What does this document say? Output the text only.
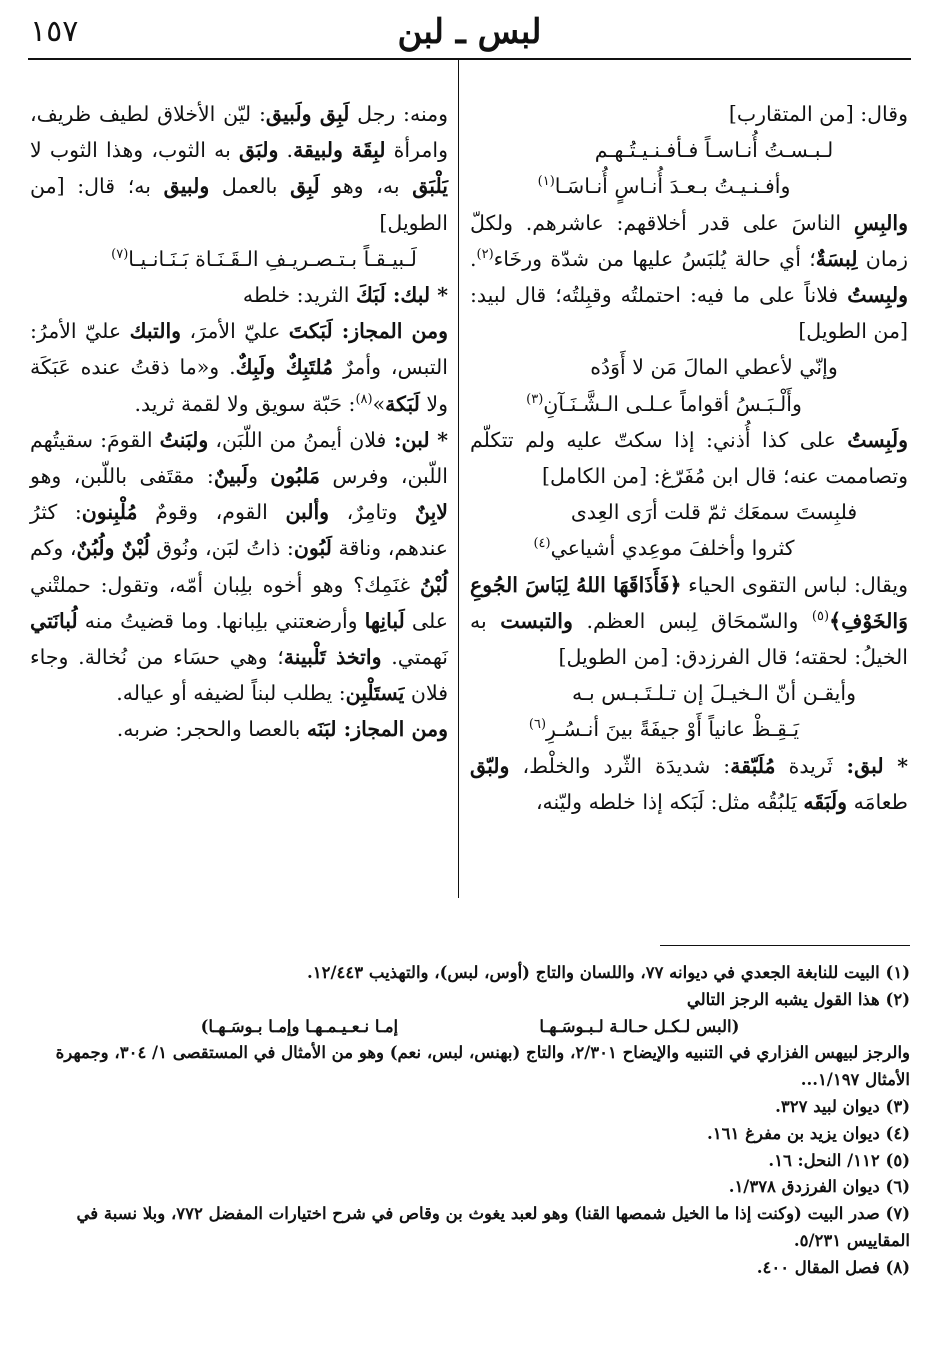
١٥٧	لبس ـ لبن

وقال: [من المتقارب]

لـبـسـتُ أُنـاسـاً فـأفـنـيـتُـهـم

وأفـنـيـتُ بـعـدَ أُنـاسٍ أُنـاسَـا$^{(١)}$

والبِسِ الناسَ على قدر أخلاقهم: عاشرهم. ولكلّ زمان لِبسَةٌ؛ أي حالة يُلبَسُ عليها من شدّة ورخَاء$^{(٢)}$. ولبِستُ فلاناً على ما فيه: احتملتُه وقبِلتُه؛ قال لبيد: [من الطويل]

وإنّي لأعطي المالَ مَن لا أَوَدُه

وأَلْـبَـسُ أقواماً عـلـى الـشَّـنَـآنِ$^{(٣)}$

ولَبِستُ على كذا أُذني: إذا سكتّ عليه ولم تتكلّم وتصاممت عنه؛ قال ابن مُفَرّغ: [من الكامل]

فلبِستَ سمعَك ثمّ قلت أرَى العِدى

كثروا وأخلفَ موعِدي أشياعي$^{(٤)}$

ويقال: لباس التقوى الحياء ﴿فَأَذَاقَهَا اللهُ لِبَاسَ الجُوعِ وَالخَوْفِ﴾$^{(٥)}$ والسّمحَاق لِبس العظم. والتبست به الخيلُ: لحقته؛ قال الفرزدق: [من الطويل]

وأيقـن أنّ الـخيـلَ إن تـلـتَـبـس بـه

يَـقِـظْ عانياً أَوْ جيفَةً بينَ أنـسُـرِ$^{(٦)}$

* لبق: ثَريدة مُلَبّقة: شديدَة الثّرد والخلْط، ولبّق طعامَه ولَبَقَه يَلبُقُه مثل: لَبَكه إذا خلطه وليّنه،

ومنه: رجل لَبِق ولَبيق: ليّن الأخلاق لطيف ظريف، وامرأة لبِقَة ولبيقة. ولبَق به الثوب، وهذا الثوب لا يَلْبَق به، وهو لَبِق بالعمل ولبيق به؛ قال: [من الطويل]

لَـبيـقـاً بـتـصـريـفِ الـقَـنَـاة بَـنَـانـيـا$^{(٧)}$

* لبك: لَبَكَ الثريد: خلطه

ومن المجاز: لَبَكتَ عليّ الأمرَ، والتبك عليّ الأمرُ: التبس، وأمرٌ مُلتَبِكٌ ولَبِكٌ. و«ما ذقتُ عنده عَبَكَة ولا لَبَكة»$^{(٨)}$: حَبّة سويق ولا لقمة ثريد.

* لبن: فلان أيمنُ من اللّبَن، ولبَنتُ القومَ: سقيتُهم اللّبن، وفرس مَلبُون ولَبينٌ: مقتَفى باللّبن، وهو لابِنٌ وتامِرٌ، وألبن القوم، وقومٌ مُلْبِنون: كثرُ عندهم، وناقة لَبُون: ذاتُ لبَن، ونُوق لُبْنٌ ولُبُنٌ، وكم لُبْنُ غنَمِك؟ وهو أخوه بلِبان أمّه، وتقول: حملتْني على لَبانِها وأرضعتني بلِبانها. وما قضيتُ منه لُبانَتي نَهمتي. واتخذ تَلْبينة؛ وهي حسَاء من نُخالة. وجاء فلان يَستَلْبِن: يطلب لبناً لضيفه أو عياله.

ومن المجاز: لبَنَه بالعصا والحجر: ضربه.

(١) البيت للنابغة الجعدي في ديوانه ٧٧، واللسان والتاج (أوس، لبس)، والتهذيب ١٢/٤٤٣.

(٢) هذا القول يشبه الرجز التالي

(البس لـكـل حـالـة لـبـوسَـهـا
إمـا نـعـيـمـهـا وإمـا بـوسَـهـا)

والرجز لبيهس الفزاري في التنبيه والإيضاح ٢/٣٠١، والتاج (بهنس، لبس، نعم) وهو من الأمثال في المستقصى ١/ ٣٠٤، وجمهرة الأمثال ١/١٩٧...

(٣) ديوان لبيد ٣٢٧.

(٤) ديوان يزيد بن مفرغ ١٦١.

(٥) ١١٢/ النحل: ١٦.

(٦) ديوان الفرزدق ١/٣٧٨.

(٧) صدر البيت (وكنت إذا ما الخيل شمصها القنا) وهو لعبد يغوث بن وقاص في شرح اختيارات المفضل ٧٧٢، وبلا نسبة في المقاييس ٥/٢٣١.

(٨) فصل المقال ٤٠٠.
